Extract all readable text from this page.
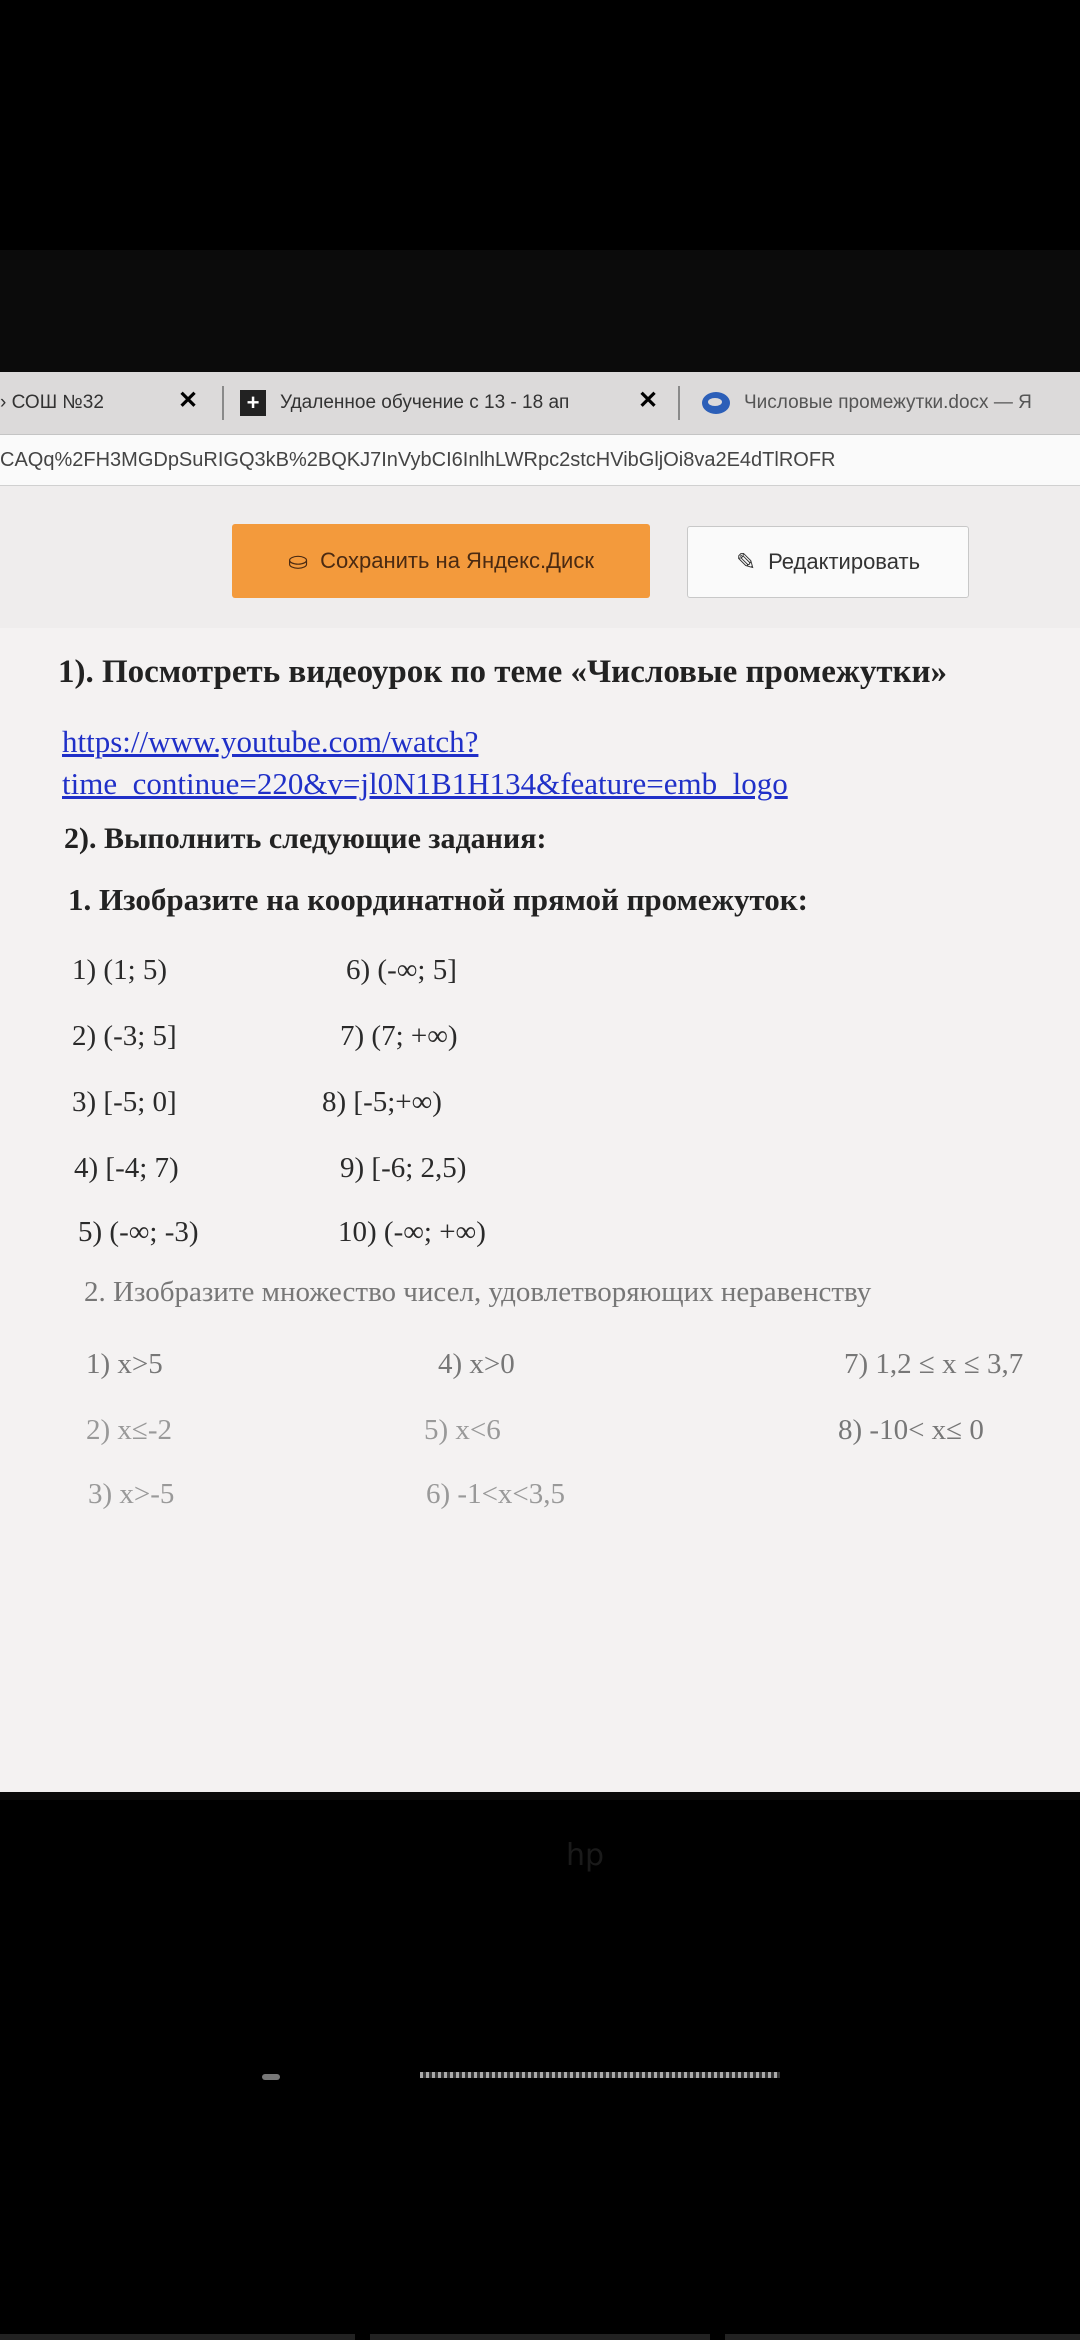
› СОШ №32	✕ +	Удаленное обучение с 13 - 18 ап	✕	Числовые промежутки.docx — Я
CAQq%2FH3MGDpSuRIGQ3kB%2BQKJ7InVybCI6InlhLWRpc2stcHVibGljOi8va2E4dTlROFR
⛀ Сохранить на Яндекс.Диск	✎ Редактировать
1). Посмотреть видеоурок по теме «Числовые промежутки»
https://www.youtube.com/watch?
time_continue=220&v=jl0N1B1H134&feature=emb_logo
2). Выполнить следующие задания:
1. Изобразите на координатной прямой промежуток:
1) (1; 5)	6) (-∞; 5]
2) (-3; 5]	7) (7; +∞)
3) [-5; 0]	8) [-5;+∞)
4) [-4; 7)	9) [-6; 2,5)
5) (-∞; -3)	10) (-∞; +∞)
2. Изобразите множество чисел, удовлетворяющих неравенству
1) x>5	4) x>0	7) 1,2 ≤ x ≤ 3,7
2) x≤-2	5) x<6	8) -10< x≤ 0
3) x>-5	6) -1<x<3,5
hp
